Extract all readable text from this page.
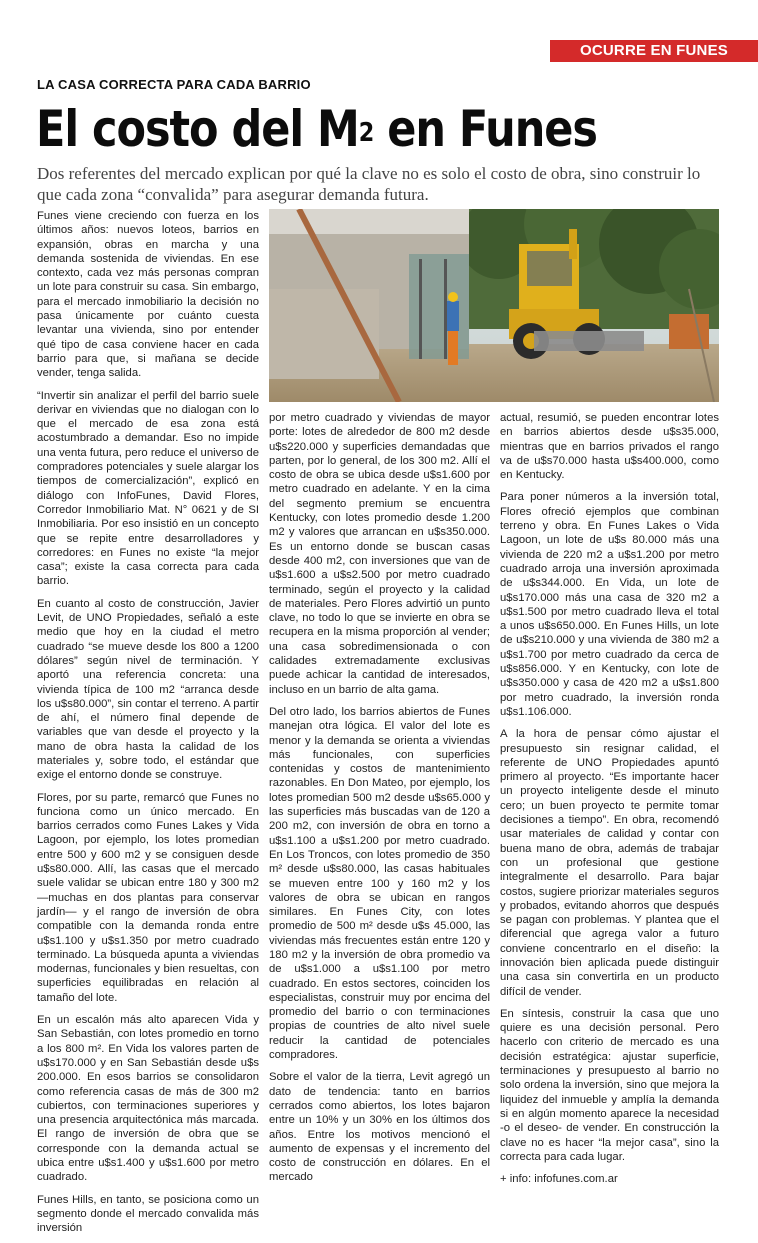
OCURRE EN FUNES
LA CASA CORRECTA PARA CADA BARRIO
El costo del $M^2$ en Funes

Dos referentes del mercado explican por qué la clave no es solo el costo de obra, sino construir lo que cada zona “convalida” para asegurar demanda futura.

Funes viene creciendo con fuerza en los últimos años: nuevos loteos, barrios en expansión, obras en marcha y una demanda sostenida de viviendas. En ese contexto, cada vez más personas compran un lote para construir su casa. Sin embargo, para el mercado inmobiliario la decisión no pasa únicamente por cuánto cuesta levantar una vivienda, sino por entender qué tipo de casa conviene hacer en cada barrio para que, si mañana se decide vender, tenga salida.

“Invertir sin analizar el perfil del barrio suele derivar en viviendas que no dialogan con lo que el mercado de esa zona está acostumbrado a demandar. Eso no impide una venta futura, pero reduce el universo de compradores potenciales y suele alargar los tiempos de comercialización”, explicó en diálogo con InfoFunes, David Flores, Corredor Inmobiliario Mat. N° 0621 y de SI Inmobiliaria. Por eso insistió en un concepto que se repite entre desarrolladores y corredores: en Funes no existe “la mejor casa”; existe la casa correcta para cada barrio.

En cuanto al costo de construcción, Javier Levit, de UNO Propiedades, señaló a este medio que hoy en la ciudad el metro cuadrado “se mueve desde los 800 a 1200 dólares” según nivel de terminación. Y aportó una referencia concreta: una vivienda típica de 100 m2 “arranca desde los u$s80.000”, sin contar el terreno. A partir de ahí, el número final depende de variables que van desde el proyecto y la mano de obra hasta la calidad de los materiales y, sobre todo, el estándar que exige el entorno donde se construye.

Flores, por su parte, remarcó que Funes no funciona como un único mercado. En barrios cerrados como Funes Lakes y Vida Lagoon, por ejemplo, los lotes promedian entre 500 y 600 m2 y se consiguen desde u$s80.000. Allí, las casas que el mercado suele validar se ubican entre 180 y 300 m2 —muchas en dos plantas para conservar jardín— y el rango de inversión de obra compatible con la demanda ronda entre u$s1.100 y u$s1.350 por metro cuadrado terminado. La búsqueda apunta a viviendas modernas, funcionales y bien resueltas, con superficies equilibradas en relación al tamaño del lote.

En un escalón más alto aparecen Vida y San Sebastián, con lotes promedio en torno a los 800 m². En Vida los valores parten de u$s170.000 y en San Sebastián desde u$s 200.000. En esos barrios se consolidaron como referencia casas de más de 300 m2 cubiertos, con terminaciones superiores y una presencia arquitectónica más marcada. El rango de inversión de obra que se corresponde con la demanda actual se ubica entre u$s1.400 y u$s1.600 por metro cuadrado.

Funes Hills, en tanto, se posiciona como un segmento donde el mercado convalida más inversión

por metro cuadrado y viviendas de mayor porte: lotes de alrededor de 800 m2 desde u$s220.000 y superficies demandadas que parten, por lo general, de los 300 m2. Allí el costo de obra se ubica desde u$s1.600 por metro cuadrado en adelante. Y en la cima del segmento premium se encuentra Kentucky, con lotes promedio desde 1.200 m2 y valores que arrancan en u$s350.000. Es un entorno donde se buscan casas desde 400 m2, con inversiones que van de u$s1.600 a u$s2.500 por metro cuadrado terminado, según el proyecto y la calidad de materiales. Pero Flores advirtió un punto clave, no todo lo que se invierte en obra se recupera en la misma proporción al vender; una casa sobredimensionada o con calidades extremadamente exclusivas puede achicar la cantidad de interesados, incluso en un barrio de alta gama.

Del otro lado, los barrios abiertos de Funes manejan otra lógica. El valor del lote es menor y la demanda se orienta a viviendas más funcionales, con superficies contenidas y costos de mantenimiento razonables. En Don Mateo, por ejemplo, los lotes promedian 500 m2 desde u$s65.000 y las superficies más buscadas van de 120 a 200 m2, con inversión de obra en torno a u$s1.100 a u$s1.200 por metro cuadrado. En Los Troncos, con lotes promedio de 350 m² desde u$s80.000, las casas habituales se mueven entre 100 y 160 m2 y los valores de obra se ubican en rangos similares. En Funes City, con lotes promedio de 500 m² desde u$s 45.000, las viviendas más frecuentes están entre 120 y 180 m2 y la inversión de obra promedio va de u$s1.000 a u$s1.100 por metro cuadrado. En estos sectores, coinciden los especialistas, construir muy por encima del promedio del barrio o con terminaciones propias de countries de alto nivel suele reducir la cantidad de potenciales compradores.

Sobre el valor de la tierra, Levit agregó un dato de tendencia: tanto en barrios cerrados como abiertos, los lotes bajaron entre un 10% y un 30% en los últimos dos años. Entre los motivos mencionó el aumento de expensas y el incremento del costo de construcción en dólares. En el mercado

actual, resumió, se pueden encontrar lotes en barrios abiertos desde u$s35.000, mientras que en barrios privados el rango va de u$s70.000 hasta u$s400.000, como en Kentucky.

Para poner números a la inversión total, Flores ofreció ejemplos que combinan terreno y obra. En Funes Lakes o Vida Lagoon, un lote de u$s 80.000 más una vivienda de 220 m2 a u$s1.200 por metro cuadrado arroja una inversión aproximada de u$s344.000. En Vida, un lote de u$s170.000 más una casa de 320 m2 a u$s1.500 por metro cuadrado lleva el total a unos u$s650.000. En Funes Hills, un lote de u$s210.000 y una vivienda de 380 m2 a u$s1.700 por metro cuadrado da cerca de u$s856.000. Y en Kentucky, con lote de u$s350.000 y casa de 420 m2 a u$s1.800 por metro cuadrado, la inversión ronda u$s1.106.000.

A la hora de pensar cómo ajustar el presupuesto sin resignar calidad, el referente de UNO Propiedades apuntó primero al proyecto. “Es importante hacer un proyecto inteligente desde el minuto cero; un buen proyecto te permite tomar decisiones a tiempo”. En obra, recomendó usar materiales de calidad y contar con buena mano de obra, además de trabajar con un profesional que gestione integralmente el desarrollo. Para bajar costos, sugiere priorizar materiales seguros y probados, evitando ahorros que después se pagan con problemas. Y plantea que el diferencial que agrega valor a futuro conviene concentrarlo en el diseño: la innovación bien aplicada puede distinguir una casa sin convertirla en un producto difícil de vender.

En síntesis, construir la casa que uno quiere es una decisión personal. Pero hacerlo con criterio de mercado es una decisión estratégica: ajustar superficie, terminaciones y presupuesto al barrio no solo ordena la inversión, sino que mejora la liquidez del inmueble y amplía la demanda si en algún momento aparece la necesidad -o el deseo- de vender. En construcción la clave no es hacer “la mejor casa”, sino la correcta para cada lugar.

+ info: infofunes.com.ar
